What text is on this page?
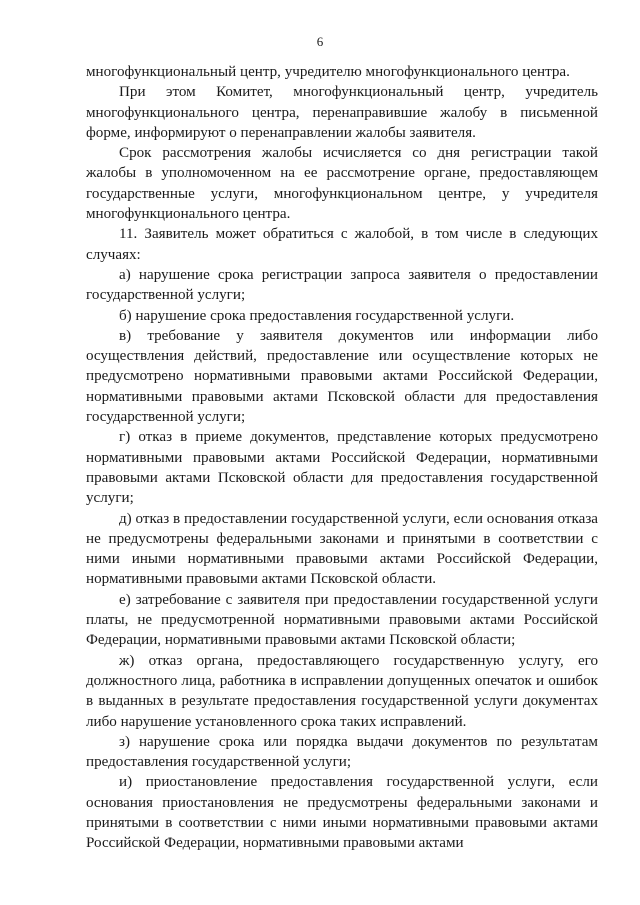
6

многофункциональный центр, учредителю многофункционального центра.

При этом Комитет, многофункциональный центр, учредитель многофункционального центра, перенаправившие жалобу в письменной форме, информируют о перенаправлении жалобы заявителя.

Срок рассмотрения жалобы исчисляется со дня регистрации такой жалобы в уполномоченном на ее рассмотрение органе, предоставляющем государственные услуги, многофункциональном центре, у учредителя многофункционального центра.

11. Заявитель может обратиться с жалобой, в том числе в следующих случаях:

а) нарушение срока регистрации запроса заявителя о предоставлении государственной услуги;

б) нарушение срока предоставления государственной услуги.

в) требование у заявителя документов или информации либо осуществления действий, предоставление или осуществление которых не предусмотрено нормативными правовыми актами Российской Федерации, нормативными правовыми актами Псковской области для предоставления государственной услуги;

г) отказ в приеме документов, представление которых предусмотрено нормативными правовыми актами Российской Федерации, нормативными правовыми актами Псковской области для предоставления государственной услуги;

д) отказ в предоставлении государственной услуги, если основания отказа не предусмотрены федеральными законами и принятыми в соответствии с ними иными нормативными правовыми актами Российской Федерации, нормативными правовыми актами Псковской области.

е) затребование с заявителя при предоставлении государственной услуги платы, не предусмотренной нормативными правовыми актами Российской Федерации, нормативными правовыми актами Псковской области;

ж) отказ органа, предоставляющего государственную услугу, его должностного лица, работника в исправлении допущенных опечаток и ошибок в выданных в результате предоставления государственной услуги документах либо нарушение установленного срока таких исправлений.

з) нарушение срока или порядка выдачи документов по результатам предоставления государственной услуги;

и) приостановление предоставления государственной услуги, если основания приостановления не предусмотрены федеральными законами и принятыми в соответствии с ними иными нормативными правовыми актами Российской Федерации, нормативными правовыми актами
